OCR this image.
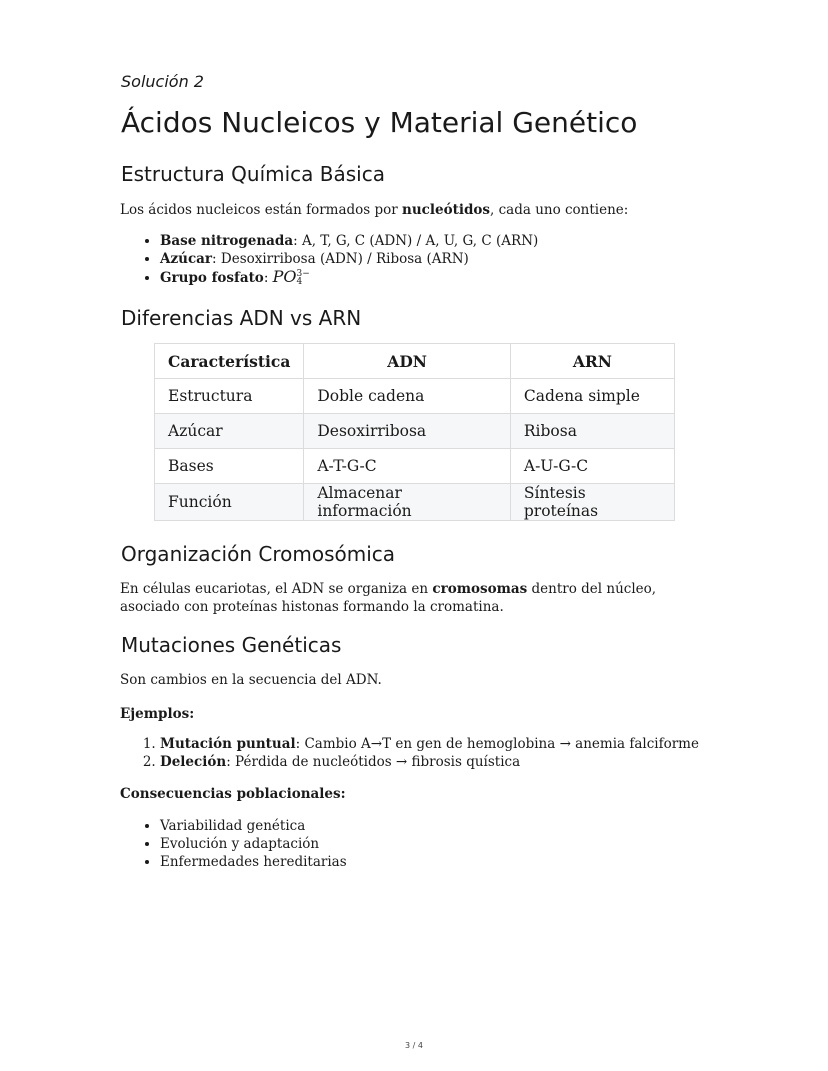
Solución 2
Ácidos Nucleicos y Material Genético
Estructura Química Básica

Los ácidos nucleicos están formados por nucleótidos, cada uno contiene:

• Base nitrogenada: A, T, G, C (ADN) / A, U, G, C (ARN)
• Azúcar: Desoxirribosa (ADN) / Ribosa (ARN)
• Grupo fosfato: PO 3−
4
Diferencias ADN vs ARN
Característica	ADN	ARN
Estructura	Doble cadena	Cadena simple
Azúcar	Desoxirribosa	Ribosa
Bases	A-T-G-C	A-U-G-C
Función	Almacenar información	Síntesis proteínas
Organización Cromosómica

En células eucariotas, el ADN se organiza en cromosomas dentro del núcleo, asociado con proteínas histonas formando la cromatina.

Mutaciones Genéticas

Son cambios en la secuencia del ADN.

Ejemplos:

1. Mutación puntual: Cambio A→T en gen de hemoglobina → anemia falciforme
2. Deleción: Pérdida de nucleótidos → fibrosis quística

Consecuencias poblacionales:

• Variabilidad genética
• Evolución y adaptación
• Enfermedades hereditarias
3 / 4
